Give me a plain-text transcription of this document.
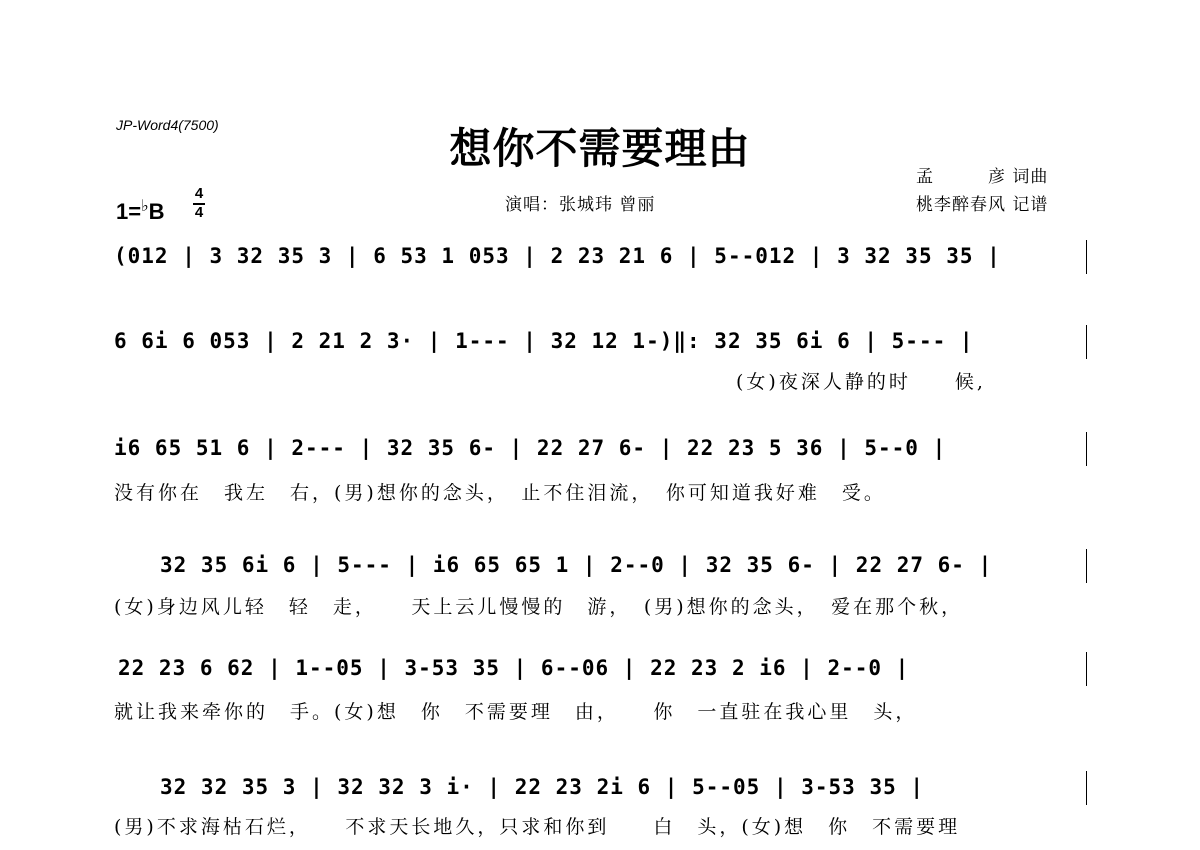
JP-Word4(7500)	想你不需要理由
演唱：张城玮 曾丽
孟　　　彦 词曲
桃李醉春风 记谱
1=♭B
4
4
(012 | 3 32 35 3 | 6 53 1 053 | 2 23 21 6 | 5--012 | 3 32 35 35 |
6 6i 6 053 | 2 21 2 3· | 1--- | 32 12 1-)‖: 32 35 6i 6 | 5--- |
(女)夜深人静的时　　候,
i6 65 51 6 | 2--- | 32 35 6- | 22 27 6- | 22 23 5 36 | 5--0 |
没有你在　我左　右，(男)想你的念头，　止不住泪流，　你可知道我好难　受。
32 35 6i 6 | 5--- | i6 65 65 1 | 2--0 | 32 35 6- | 22 27 6- |
(女)身边风儿轻　轻　走，　　天上云儿慢慢的　游，　(男)想你的念头，　爱在那个秋，
22 23 6 62 | 1--05 | 3-53 35 | 6--06 | 22 23 2 i6 | 2--0 |
就让我来牵你的　手。(女)想　你　不需要理　由，　　你　一直驻在我心里　头，
32 32 35 3 | 32 32 3 i· | 22 23 2i 6 | 5--05 | 3-53 35 |
(男)不求海枯石烂，　　不求天长地久，只求和你到　　白　头，(女)想　你　不需要理
